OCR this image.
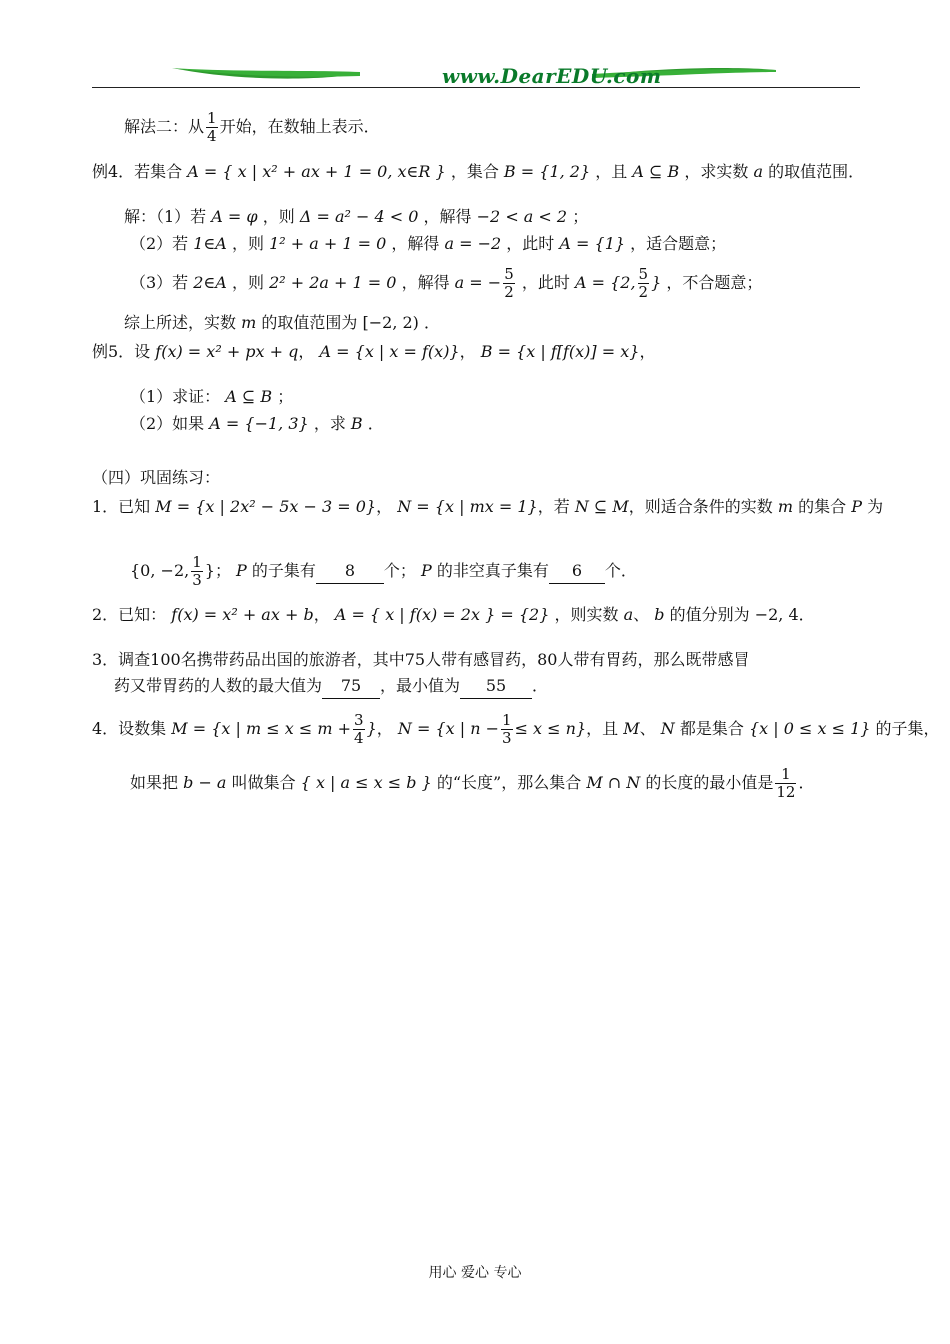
www.DearEDU.com
解法二：从 $\frac{1}{4}$ 开始，在数轴上表示．
例4．若集合 A = { x | x² + ax + 1 = 0, x∈R } ，集合 B = {1, 2} ，且 A ⊆ B ，求实数 a 的取值范围．
解：（1）若 A = φ ，则 Δ = a² − 4 < 0 ，解得 −2 < a < 2 ；
（2）若 1∈A ，则 1² + a + 1 = 0 ，解得 a = −2 ，此时 A = {1} ，适合题意；
（3）若 2∈A ，则 2² + 2a + 1 = 0 ，解得 a = − $\frac{5}{2}$ ，此时 A = {2, $\frac{5}{2}$ } ，不合题意；
综上所述，实数 m 的取值范围为 [−2, 2) ．
例5．设 f(x) = x² + px + q， A = {x | x = f(x)}， B = {x | f[f(x)] = x}，
（1）求证： A ⊆ B ；
（2）如果 A = {−1, 3} ，求 B ．
（四）巩固练习：
1．已知 M = {x | 2x² − 5x − 3 = 0}， N = {x | mx = 1}，若 N ⊆ M，则适合条件的实数 m 的集合 P 为
{0, −2, $\frac{1}{3}$ }； P 的子集有 8 个； P 的非空真子集有 6 个．
2．已知： f(x) = x² + ax + b， A = { x | f(x) = 2x } = {2} ，则实数 a、 b 的值分别为 −2, 4．
3．调查100名携带药品出国的旅游者，其中75人带有感冒药，80人带有胃药，那么既带感冒
药又带胃药的人数的最大值为 75 ，最小值为 55 ．
4．设数集 M = {x | $m \le x \le m + \frac{3}{4}$ }， N = {x | $n - \frac{1}{3} \le x \le n$}，且 M、 N 都是集合 {x | 0 ≤ x ≤ 1} 的子集，
如果把 b − a 叫做集合 { x | a ≤ x ≤ b } 的“长度”，那么集合 M ∩ N 的长度的最小值是 $\frac{1}{12}$ ．
用心 爱心 专心
